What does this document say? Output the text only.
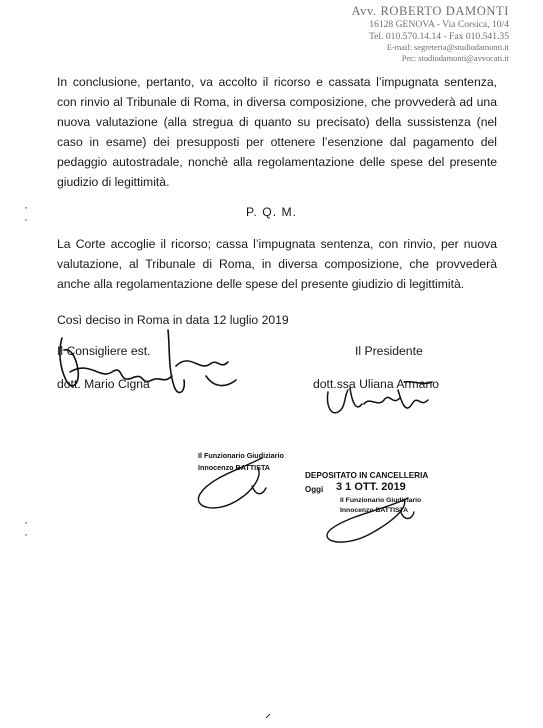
Avv. ROBERTO DAMONTI
16128 GENOVA - Via Corsica, 10/4
Tel. 010.570.14.14 - Fax 010.541.35
E-mail: segreteria@studiodamonti.it
Pec: studiodamonti@avvocati.it
In conclusione, pertanto, va accolto il ricorso e cassata l’impugnata sentenza, con rinvio al Tribunale di Roma, in diversa composizione, che provvederà ad una nuova valutazione (alla stregua di quanto su precisato) della sussistenza (nel caso in esame) dei presupposti per ottenere l’esenzione dal pagamento del pedaggio autostradale, nonchè alla regolamentazione delle spese del presente giudizio di legittimità.
P. Q. M.
La Corte accoglie il ricorso; cassa l’impugnata sentenza, con rinvio, per nuova valutazione, al Tribunale di Roma, in diversa composizione, che provvederà anche alla regolamentazione delle spese del presente giudizio di legittimità.
Così deciso in Roma in data 12 luglio 2019
·
·
·
·
Il Consigliere est.
dott. Mario Cigna
Il Presidente
dott.ssa Uliana Armano
Il Funzionario Giudiziario
Innocenzo BATTISTA
DEPOSITATO IN CANCELLERIA
Oggi 3 1 OTT. 2019
Il Funzionario Giudiziario
Innocenzo BATTISTA
